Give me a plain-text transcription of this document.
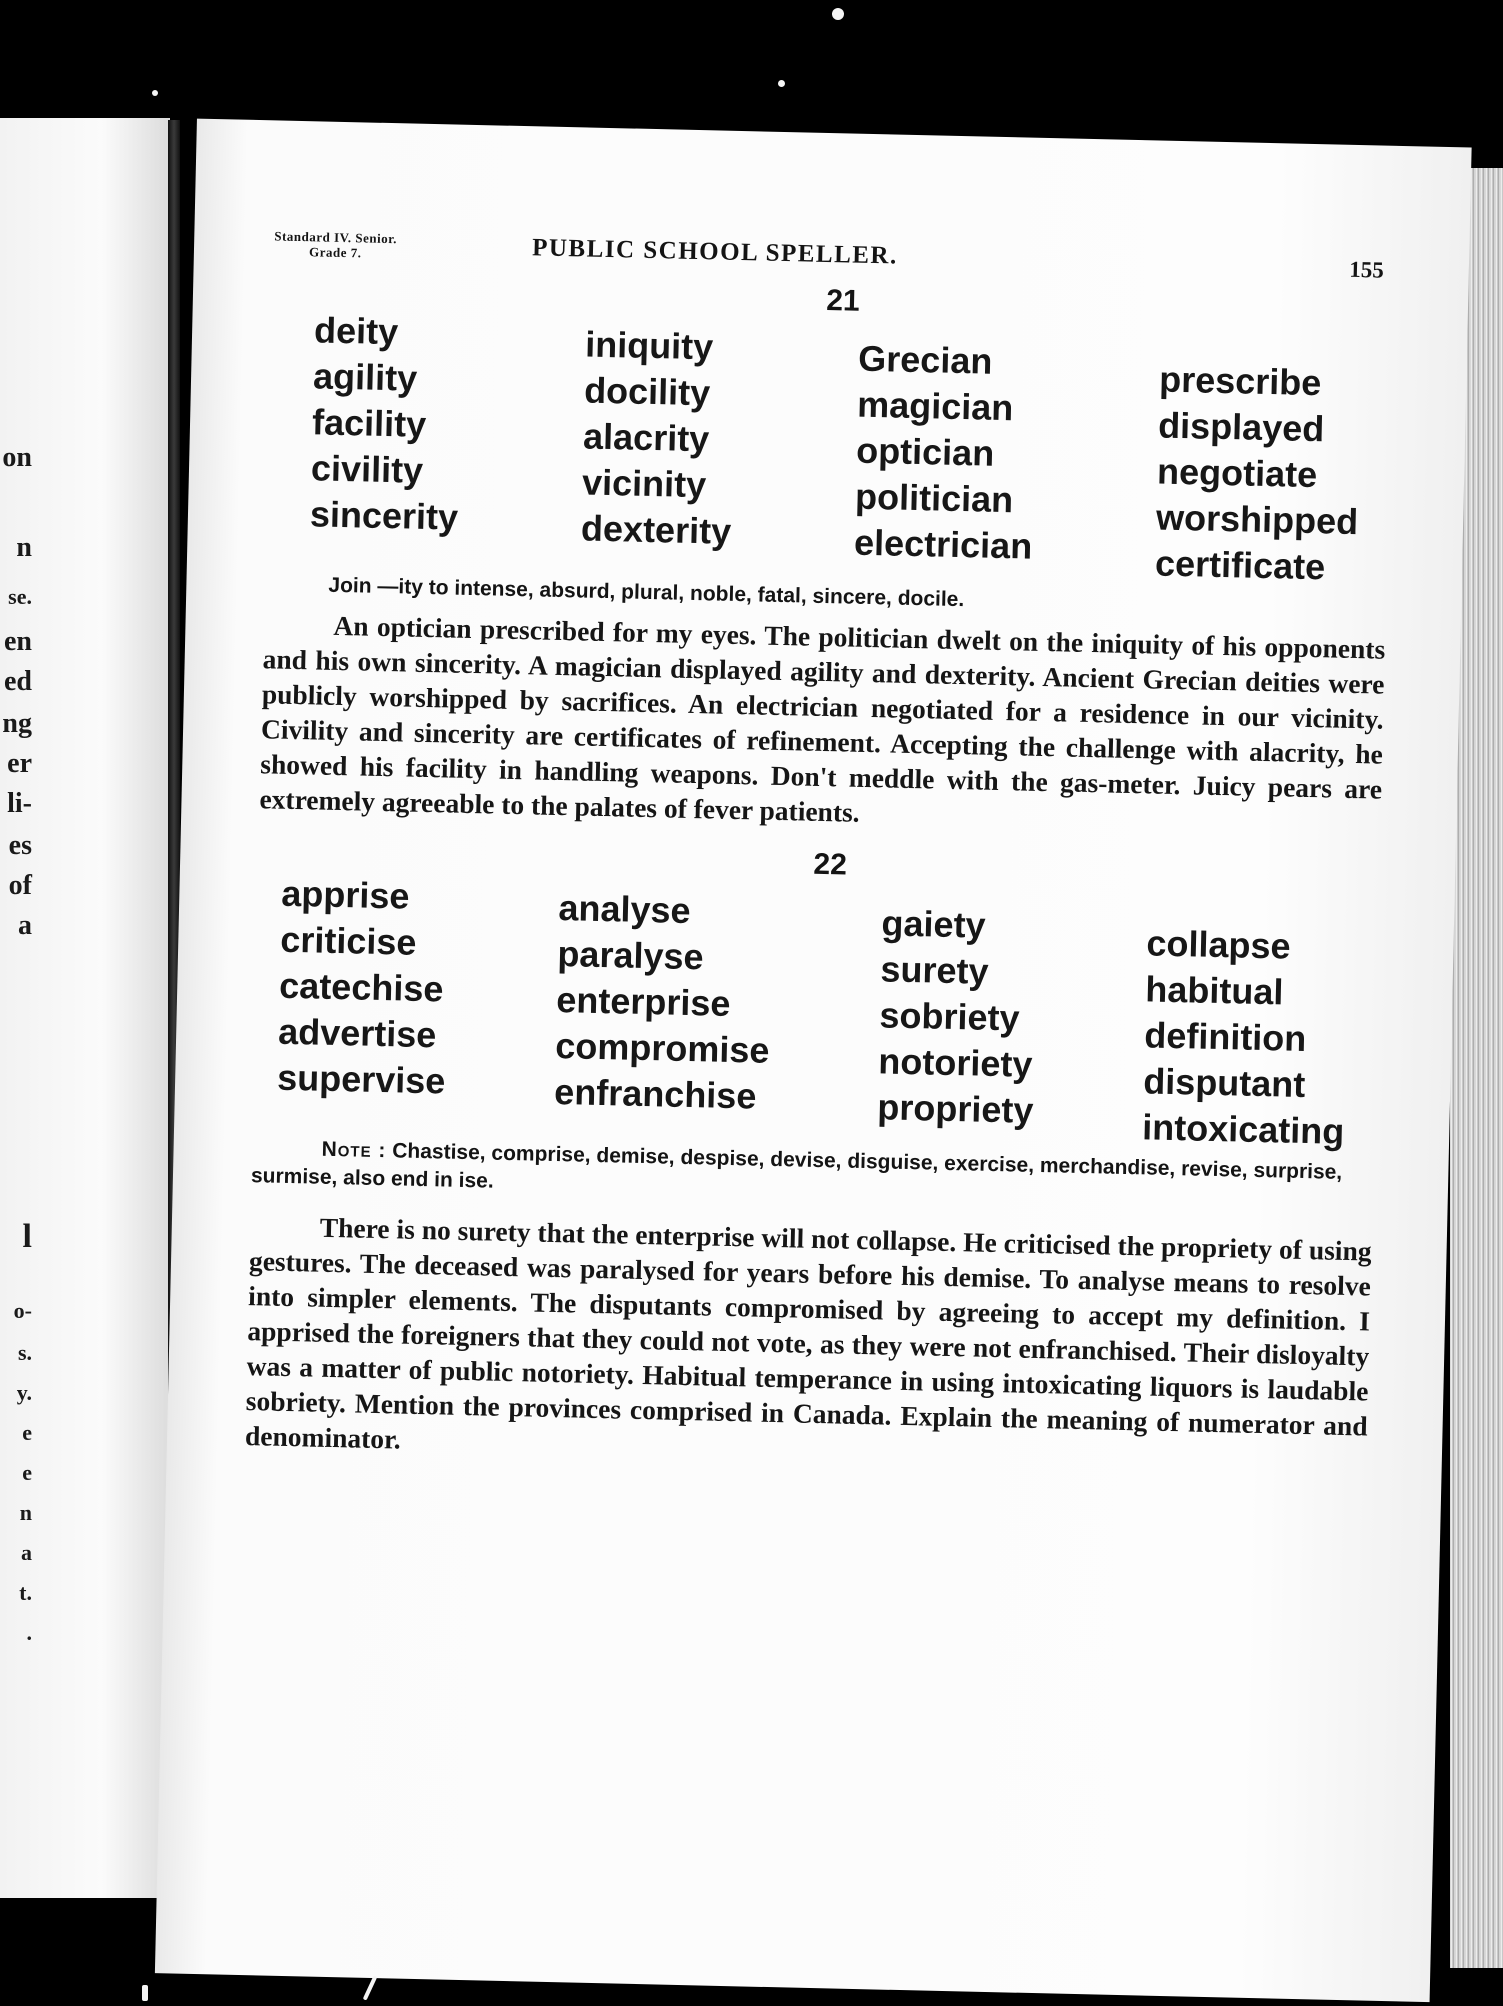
on
n
se.
en
ed
ng
er
li-
es
of
a
l
o-
s.
y.
e
e
n
a
t.
.
Standard IV. Senior.
Grade 7.	PUBLIC SCHOOL SPELLER.
155
21
deity
agility
facility
civility
sincerity
iniquity
docility
alacrity
vicinity
dexterity
Grecian
magician
optician
politician
electrician
prescribe
displayed
negotiate
worshipped
certificate

Join —ity to intense, absurd, plural, noble, fatal, sincere, docile.

An optician prescribed for my eyes. The politician dwelt on the iniquity of his opponents and his own sincerity. A magician displayed agility and dexterity. Ancient Grecian deities were publicly worshipped by sacrifices. An electrician negotiated for a residence in our vicinity. Civility and sincerity are certificates of refinement. Accepting the challenge with alacrity, he showed his facility in handling weapons. Don't meddle with the gas-meter. Juicy pears are extremely agreeable to the palates of fever patients.

22
apprise
criticise
catechise
advertise
supervise
analyse
paralyse
enterprise
compromise
enfranchise
gaiety
surety
sobriety
notoriety
propriety
collapse
habitual
definition
disputant
intoxicating

Note : Chastise, comprise, demise, despise, devise, disguise, exercise, merchandise, revise, surprise, surmise, also end in ise.

There is no surety that the enterprise will not collapse. He criticised the propriety of using gestures. The deceased was paralysed for years before his demise. To analyse means to resolve into simpler elements. The disputants compromised by agreeing to accept my definition. I apprised the foreigners that they could not vote, as they were not enfranchised. Their disloyalty was a matter of public notoriety. Habitual temperance in using intoxicating liquors is laudable sobriety. Mention the provinces comprised in Canada. Explain the meaning of numerator and denominator.
